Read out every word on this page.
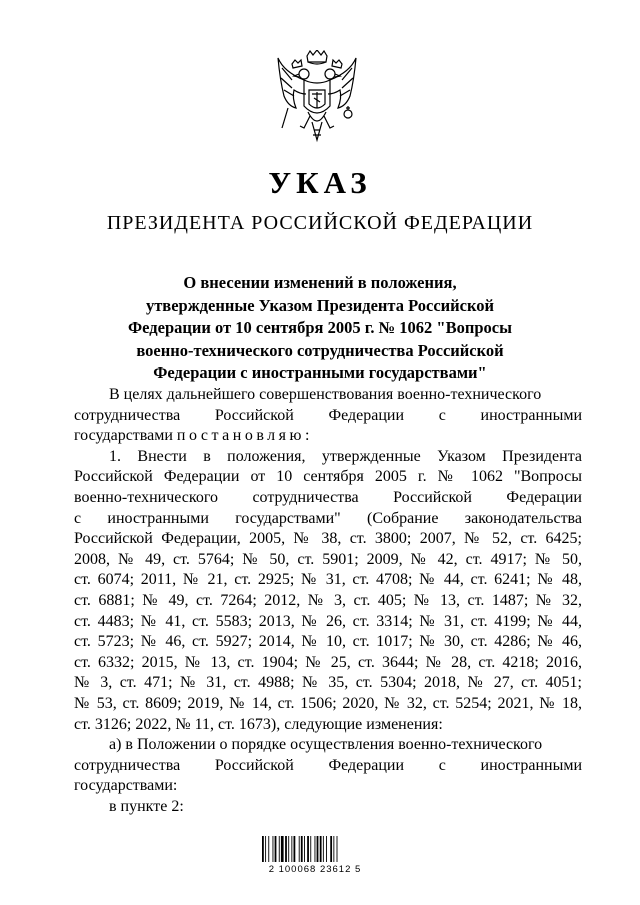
УКАЗ
ПРЕЗИДЕНТА РОССИЙСКОЙ ФЕДЕРАЦИИ
О внесении изменений в положения,
утвержденные Указом Президента Российской
Федерации от 10 сентября 2005 г. № 1062 "Вопросы
военно-технического сотрудничества Российской
Федерации с иностранными государствами"
В целях дальнейшего совершенствования военно-технического
сотрудничества Российской Федерации с иностранными
государствами постановляю:
1. Внести в положения, утвержденные Указом Президента
Российской Федерации от 10 сентября 2005 г. № 1062 "Вопросы
военно-технического сотрудничества Российской Федерации
с иностранными государствами" (Собрание законодательства
Российской Федерации, 2005, № 38, ст. 3800; 2007, № 52, ст. 6425;
2008, № 49, ст. 5764; № 50, ст. 5901; 2009, № 42, ст. 4917; № 50,
ст. 6074; 2011, № 21, ст. 2925; № 31, ст. 4708; № 44, ст. 6241; № 48,
ст. 6881; № 49, ст. 7264; 2012, № 3, ст. 405; № 13, ст. 1487; № 32,
ст. 4483; № 41, ст. 5583; 2013, № 26, ст. 3314; № 31, ст. 4199; № 44,
ст. 5723; № 46, ст. 5927; 2014, № 10, ст. 1017; № 30, ст. 4286; № 46,
ст. 6332; 2015, № 13, ст. 1904; № 25, ст. 3644; № 28, ст. 4218; 2016,
№ 3, ст. 471; № 31, ст. 4988; № 35, ст. 5304; 2018, № 27, ст. 4051;
№ 53, ст. 8609; 2019, № 14, ст. 1506; 2020, № 32, ст. 5254; 2021, № 18,
ст. 3126; 2022, № 11, ст. 1673), следующие изменения:
а) в Положении о порядке осуществления военно-технического
сотрудничества Российской Федерации с иностранными
государствами:
в пункте 2:
2 100068 23612 5
